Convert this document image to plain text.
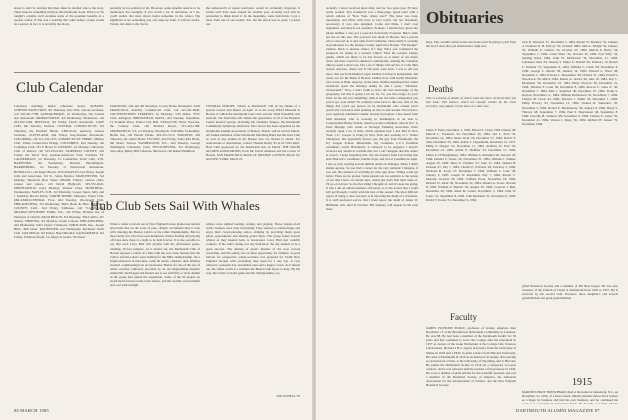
about it, and I've decided that there must be another side to the story. There must be something living in the mushroom cloud. What is it? In tonight's column, we'll examine some of the potential benefits of a nuclear winter. If that was a warning that came before, scenes would be a period, in fact, it is probably the nicest.
probably be too political at all. However, some benefits deserve to be mentioned. For example, if you watch a lot of television, as I do, you'll realize that most shows begin sometime in the winter. The nightmare is not something you can wake up from, it will not return. Fonda, and others who live in.
the netherworld of repeat television, would be eventually forgotten. It seems we'll have been around for another year. Actually we'd still be persuaded to think about it. In the meantime, some half-truths. I got a letter from one of our readers. Yes, but the shock was so great. I passed out.
Club Calendar
Luncheon meetings unless otherwise noted. ALBANY-SCHENECTADY-TROY, 3rd Thursday, Parc-Vale, various locations, call 518-345-7788. ALBUQUERQUE, 1st Wednesday, Ten Central Ave Restaurant. BRIDGEWATER, 3rd Wednesday, Heartstone, call 203-762-1284. BUFFALO, 3rd Friday, Pearl's Restaurant. CAPE COD, 4th Tuesday, Seafarer. CENTRAL CONNECTICUT, 3rd Thursday, the Hartford Hilton. CHICAGO, quarterly, various locations. CLEVELAND, 2nd Friday, Keg-Roomer Restaurant. COLUMBIA, call 512-334-1255. CONNECTICUT SHORE, Midday Club, Union Connecticut Bridge. COLUMBUS, 2nd Tuesday, the Columbus Club, 181 E Broad St. DETROIT, 1st Monday, University Club of Detroit, call 313-555-0142. FAIRFIELD COUNTY, 2nd Friday, the Silver Star, German-American Club, Fairfield. FT. LAUDERDALE, 1st Thursday, Ft. Lauderdale Yacht Club, 4:30. HARTFORD, 3rd Wednesday, Marriott Bloomington. HARRISBURG, 1st Tuesday, at Nationwide Restaurant. HONOLULU, call Roger Brown. LOS ANGELES, last Friday, Joseph Jolly and Associates, 3rd St., Santa Monica. MANCHESTER, 3rd Monday, Sheraton's Bow Street. MIAMI, Fridays, various clubs, venues and places, call David Highcroft, 305-572-6222. MINNEAPOLIS, every Monday, Various Cities. MONTRÉAL, Wednesdays. NAPLES, N.H., 3rd Thursday, Cooper Jones, Jolly, and 1 Saturday, Brown Derby. NORTH SHORE, Mondays, Union Club. ORLANDO-CENTRAL FLA, 2nd Tuesday, Woolworth Club. PHILADELPHIA, 3rd Wednesday, Bell's Book & Heat. ORANGE COUNTY, Calif., 2nd Friday, Sailhouse, call 714-548-1140. ORANGE-WESTPORT FORK, Tex., 3rd Friday, Holiday Inn of Parktown at Church. PALM BEACH, 3rd Thursday, Tim Lamb's, 227 Ashley. PHOENIX, 3rd Monday, Grand Canyon. PHILADELPHIA, 2nd Wednesday, Toft's Oyster Crabhouse. PORTLAND, Ore., Joseph Hill's, 36th Street. ROCHESTER, last Wednesday, Rochester Yacht Club. SAN DIEGO, 3rd Friday, Hotel Miramar. SACRAMENTO, 3rd Friday, 250 Rose Room, 1st, Meg's in Grand, 7th Street.
SARASOTA, 2nd and 4th Mondays, Crown House Restaurant. SAN FRANCISCO, monthly, Commercial Club, call 415-441-8200. SOUTHWESTERN VERMONT, 1st Thursday, 5:30 dinner, VFW Club, Arlington. SPRINGFIELD, MASS., 2nd Tuesday, September, 12 Franklin Place, School City Hall. SYRACUSE, Hotel Syracuse, the Century Club, call Richard Reeve, 315-424-1188. SPRINGFIELD, VT, 1st Tuesday, Woodstock. TOLEDO, bi-monthly, Heffer Inn, call Harold Elkins, 419-531-5113. TORONTO, 2nd Thursday, the Albert Hotel. TUCSON, 2nd Friday, Santa Rita Hotel, 9th Street, Tucson. WASHINGTON, D.C., 2nd Tuesday, George Washington University Club. WESTCHESTER, 3rd Wednesday, Sept.-May, Bailey Hill Cafeteria, Sherwood, call Robert Hamilton.
CENTRAL EUROPE, "Music at Dartmouth" will be the theme of a special concert and dinner on April 12 at the Long Wharf Museum in Boston at which the Dartmouth Glee Club and the Wind Ensemble will perform. The festivities will climax the appearance of all of the Hopkins Center musical groups, including the Chamber Singers, the Dartmouth Community Symphony Orchestra. The concert has been organized by the Dartmouth Alumni Association of Boston. Tickets will be sold in March. All former members of the Dartmouth Marching Band and the Glee Club as well as any alumni in the Boston area are invited to attend. For reservations or information, contact Thomas Reilly '65 at 617-623-9401. Host Club sponsored by the Dartmouth Arts in March. THE DAVID ALUMNI ASSOCIATION, from Mr. David Atkinson and the Corner of Boston, SAN FRANCISCO, March 19: ORANGE COUNTY, March 22; and NEW YORK, March 23.
Hub Club Sets Sail With Whales
When a whale is struck out of New England's more glamorous natural attractions like on the scale of pure, athletic excitement then it took with cheering the Boston Celtics or the rather championship. But for those lucky few who have seen humpback whales feeding and playing off Cape Ann, there is a sight to be held forever. It is also possible to say that even Larry Bird isn't playful with his off-balance game-winning, 30-foot jumpers. As it turned out, the Dartmouth Club of Boston enjoyed a whale of a time with the very same Sunday that the Celtics and the Lakers went battling for the NBA championship. On a bright afternoon in mid-June, some 60 adults, children, their families boarded a sightseeing boat on Gloucester Harbor for one of the sort of whale watches. Onboard, provided by an old shipbuilding member named Mr. Stellwagen and headed out to sea with fifty or sixty alumni in the group had joined the expedition. Some of the 62 people on board had not been on the water before, and the weather was beautiful and cool with twilight.
whales were sighted feeding, resting, and playing. These largest-of-all earth creatures were truly fascinating. They seemed to acknowledge and enjoy their crowd-pleasing antics, obliging by providing many great photo opportunities and sharing grand dives. The group found several whales as they headed back to Gloucester. Larry Bird just couldn't compete. If the club's outing was any indication, the day seemed to be a great success. The sharing of picnic lunches of the boat proved rewarding, and the outing was an ideal opportunity for families. A good turnout for prospective whale-watchers was prepared for Swim New England stocked with everything they need for a day trip. A cool onboard, a pleasant day, reasonable rates and a happy crowd. As it turned out, the whale watch is a tradition the Boston club hopes to keep. By the way, the Celtics won the game and the championship, too.
TED SCHELL '76
86 MARCH 1985
Actually, I never received more mail, and for two years past, I'll have really worked. You wondered: was a three-page, typed letter with a return address of "New York, where else?" The letter was long, interesting, and filled with facts (a nice touch, but not absolutely necessary). It was also unsigned. Come and think, I don't read signatures, and they're not essential. Perhaps, I should have given my phone number. I also got a postcard from Kelly Foreman. Here's what got me on this one. The postcard was made in Boston, had a person who I can read on it, and came from California, where Kelly is working in promotions for the Orange County supervisor Rodger "Tin Dodger" Stanton. Back to nuclear winter, if I may. Have you considered the prospects for skiing in a nuclear winter? Then the powder, bumpy glades, which are likely to be lost forever as so many of our major cities. All lines would be enhanced considerably, making the Canadian Skiway seem a short way. Not a lot of things will survive, it is the third reason. Anyway, where was I? Oh yeah, went back. I was to tell you more, this one from Debbie Logan. Debbie is living in Kennebunk. She writes too for the Bank of Boston. Debbie lives with Kathy Manchell, who works at Bain. Anyway, in the letter, Debbie mentioned that James Gladstone spent the holidays skiing in, and I quote, "Montana, Switzerland." Now, I don't claim to have the best knowledge of the geography, but this is going a bit too far. So, you have bugs; do you? Well, let me tell you something: what is the last time a misspelled you you've got your mind? I'll certainly come back to this one. One of the things that you'll get posted on by Dartmouth rolls around you'd practically even have been pending on who is still around. Now back to your regularly scheduled column, already in progress. I also heard from Mitz Rudman, who is working in Washington as an aide to Congressman Benny Studds, whom you may remember. Also in D.C. is Peter Murphy, who works at Strategic Planning Associates. Peter recently spent a lot of time, which explains how I met him in New York. C.C. Cooper is living in New York and working at J. Walter Thompson. She apparently knows you, the guy from Dartmouth, the Ivy League School. Meanwhile, my roommate C.C.'s freshman roommate, Leslie Hawthorne, is rumored to be engaged. I haven't received any details to confirm this, but I can't imagine that this rumor is correct. I keep forgetting that. We also learned from Carl Kemp that Kim Fink left a roommate, Debbie Pope, and bed at Columbia in April. I am, as well, wearing several million dollars in damages. Dude, I didn't shame anyone. So you find a corner for the very romantic I imagine, if you can, the romance of watching an older guy leave. Things could get better. There are no greater. Some parents are too sensitive to the notion of sex that I have on certain days, which just don't find their ruins of. I'll go on forever. So the first thing I thought of, and it's kept me going, is that I am an embarrassment, obviously, as is the notion that I could still get through. I really wish the best of the season. The most difficult aspect of being a class secretary is in reporting the death of a classmate. It is with profound sorrow that I must report the death of James W. Hillmann, who died in October. His memory will appear in the next issue.
Obituaries
hope. This column will be in the next issue, but I'm going to pick from the list of obits that you should know right now.
Deaths
This is a listing of deaths of which word has been received since the last issue. Full notices, which are usually written by the class secretary, may appear in this issue or a later one.
James F. Peels, December 1, 1984. Harold S. Clark, 1984 January 28. Marvin L. Frederick '22, December 20, 1984. Ted L. Pratt '35, December 22, 1984. James Javitt '26, December 27, 1984. Robert F. Salk, December 29, 1984. Arthur L. Oppenheim, December 21, 1975. Philip V. Dopper '23, November 11, 1984. Anthony W. Pratt '29, December 22, 1984. Arthur E. Shaffner '25, December 17, 1984. James E. O'Shaughnessy, 1984. William A. Rebsmen '26, October 29, 1984. Donald Y. Steele '26, November 25, 1984. William J. Walker, August 20, 1984. Harry E. Fleisher '27, June 13, 1984. Samuel B. Pearson '27, July 7, 1984. Charles E. Edwards '28, February 2, 1984. Nicholas R. Foote '27, December 7, 1984. William C. Lane '28, January 5, 1985. Joseph W. Rosenthal, July 7, 1984. Robert C. Mooney, October 29, 1984. Clifford Foote, November 18, 1984. Richard W. Allan '29, November 22, 1984. Donald A. Foote, October 8, 1984. William V. Harbert '29, August 30, 1984. Conover J. Bell, December 28, 1984. Allan M. Lenter, November 3, 1984. John W. Lottie '31, September 8, 1984. John Merhiens '31, November 6, 1984. David T. Towne '31, December 9, 1984.
Jack R. Warwick '31, December 5, 1984. Robert W. Buckley '32, January 4. Clarkson K. B. McCoy '32, October 1984. John A. Wright '32, January 26. William E. Gibson '32, October 25, 1984. Melvin P. Barry '34, September 1, 1984. Grant Shaw '34, October 26, 1984. Earl Sibly '34, Sterling Kind, 1984. John W. McDowell '34, December 21, 1984. Lebannon Judd '34, January 2. Elmer E. Donald '36, February 10. Robert F. Sullivan '37, September 8, 1984. William C. Clark '38, November 8, 1984. George L. Marsh '38, January 14, 1985. Edward L. Ward '38, December 1, 1984. Edward L. Shoemaker '39, October 31, 1984. Edwin V. Woodcock '39, March 1984. Robert A. Jacobs '40, June 10, 1984. Roy C. Dickinson '39, December 23, 1984. Harry Newton '39, December 21, 1984. Terrance F. Cook '40, December 8, 1984. Roscoe C. Giles Jr. '40, December 7, 1984. Max J. Siegfried '40, December 25, 1984. Frank S. Dayton, November 11, 1984. William Richardson '41, November 7, 1984. Charles M. Clark '42, 1984. Terrence J. Smith '43, December 1, 1984. Philip O'Carry '43, November 13, 1984. Charles R. Vansellow '45, November 2, 1984. Robert E. Huckleberry '46, January 8, 1984. Harry S. Thieves '48, September 7, 1984. Paul S. Sheranssen '48, September 8, 1984. Dorothy H. Johnson '48, November 9, 1984. Charles E. Luker '50, December 21, 1984. Vernon J. Sharp '56, 1984. Richard H. Jensen '76, December 1984.
Faculty
JAMES PLOYDEN POOLE, professor of botany, emeritus, died December 15 at the Brookhaven Retirement Community in Lebanon. He was 88. He had been a member of the Dartmouth faculty for 39 years and had continued to serve the College after his retirement in 1957 as curator of the Jesup Herbarium at the College Life Sciences Laboratories. He held a B.S. degree in forestry from the University of Maine in 1918 and a Ph.D. in plant science from Harvard University. He came to Dartmouth in 1919 as an instructor in botany, after serving as an instructor at Yale, at the University of Wyoming, and at Harvard. He joined the Dartmouth faculty in 1919 on a temporary two-year contract, and it was renewed until he became a full professor in 1936. He wrote a number of plant articles for the scientific journals, and was a member of the Botanical Society of America, the American Association for the Advancement of Science, and the New England Botanical Society.
gland Botanical Society and a member of Phi Beta Kappa. He was also treasurer of the Church of Christ at Dartmouth from 1929 to 1957. He is survived by his second wife, Florence; three daughters; and several grandchildren and great-grandchildren.
1915
MARTIN LEROY FRENCHMAN died at his home in Jamesburg, N.J., on December 31, 1984, of a heart attack. Martin attended Amos Tuck School as a major in business and had his own business, and he continued his
DARTMOUTH ALUMNI MAGAZINE 87
